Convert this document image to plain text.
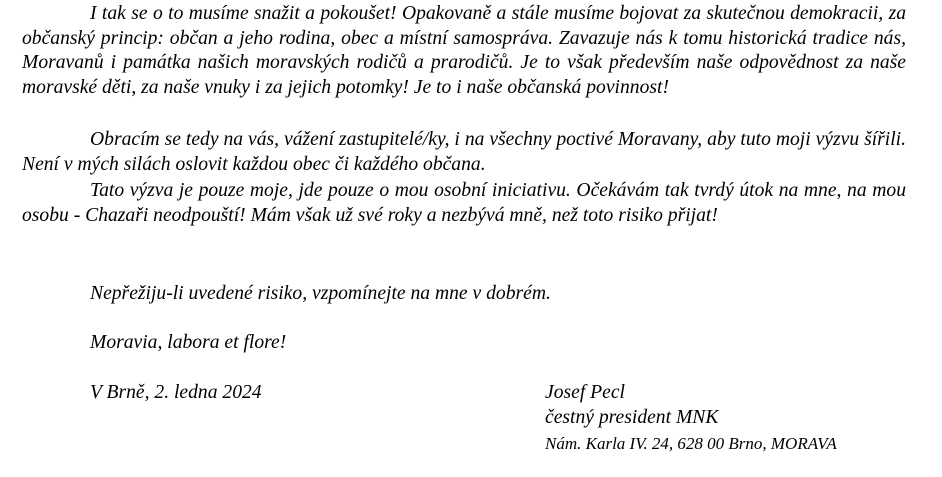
I tak se o to musíme snažit a pokoušet! Opakovaně a stále musíme bojovat za skutečnou demokracii, za občanský princip: občan a jeho rodina, obec a místní samospráva. Zavazuje nás k tomu historická tradice nás, Moravanů i památka našich moravských rodičů a prarodičů. Je to však především naše odpovědnost za naše moravské děti, za naše vnuky i za jejich potomky! Je to i naše občanská povinnost!

Obracím se tedy na vás, vážení zastupitelé/ky, i na všechny poctivé Moravany, aby tuto moji výzvu šířili. Není v mých silách oslovit každou obec či každého občana.

Tato výzva je pouze moje, jde pouze o mou osobní iniciativu. Očekávám tak tvrdý útok na mne, na mou osobu - Chazaři neodpouští! Mám však už své roky a nezbývá mně, než toto risiko přijat!

Nepřežiju-li uvedené risiko, vzpomínejte na mne v dobrém.

Moravia, labora et flore!

V Brně, 2. ledna 2024	Josef Pecl

čestný president MNK

Nám. Karla IV. 24, 628 00 Brno, MORAVA
